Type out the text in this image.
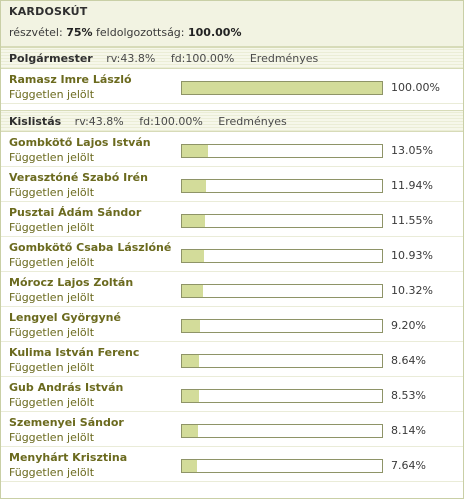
KARDOSKÚT
részvétel: 75% feldolgozottság: 100.00%
Polgármester rv:43.8% fd:100.00% Eredményes
Ramasz Imre László
Független jelölt
100.00%
Kislistás rv:43.8% fd:100.00% Eredményes
Gombkötő Lajos István
Független jelölt
13.05%
Verasztóné Szabó Irén
Független jelölt
11.94%
Pusztai Ádám Sándor
Független jelölt
11.55%
Gombkötő Csaba Lászlóné
Független jelölt
10.93%
Mórocz Lajos Zoltán
Független jelölt
10.32%
Lengyel Györgyné
Független jelölt
9.20%
Kulima István Ferenc
Független jelölt
8.64%
Gub András István
Független jelölt
8.53%
Szemenyei Sándor
Független jelölt
8.14%
Menyhárt Krisztina
Független jelölt
7.64%
